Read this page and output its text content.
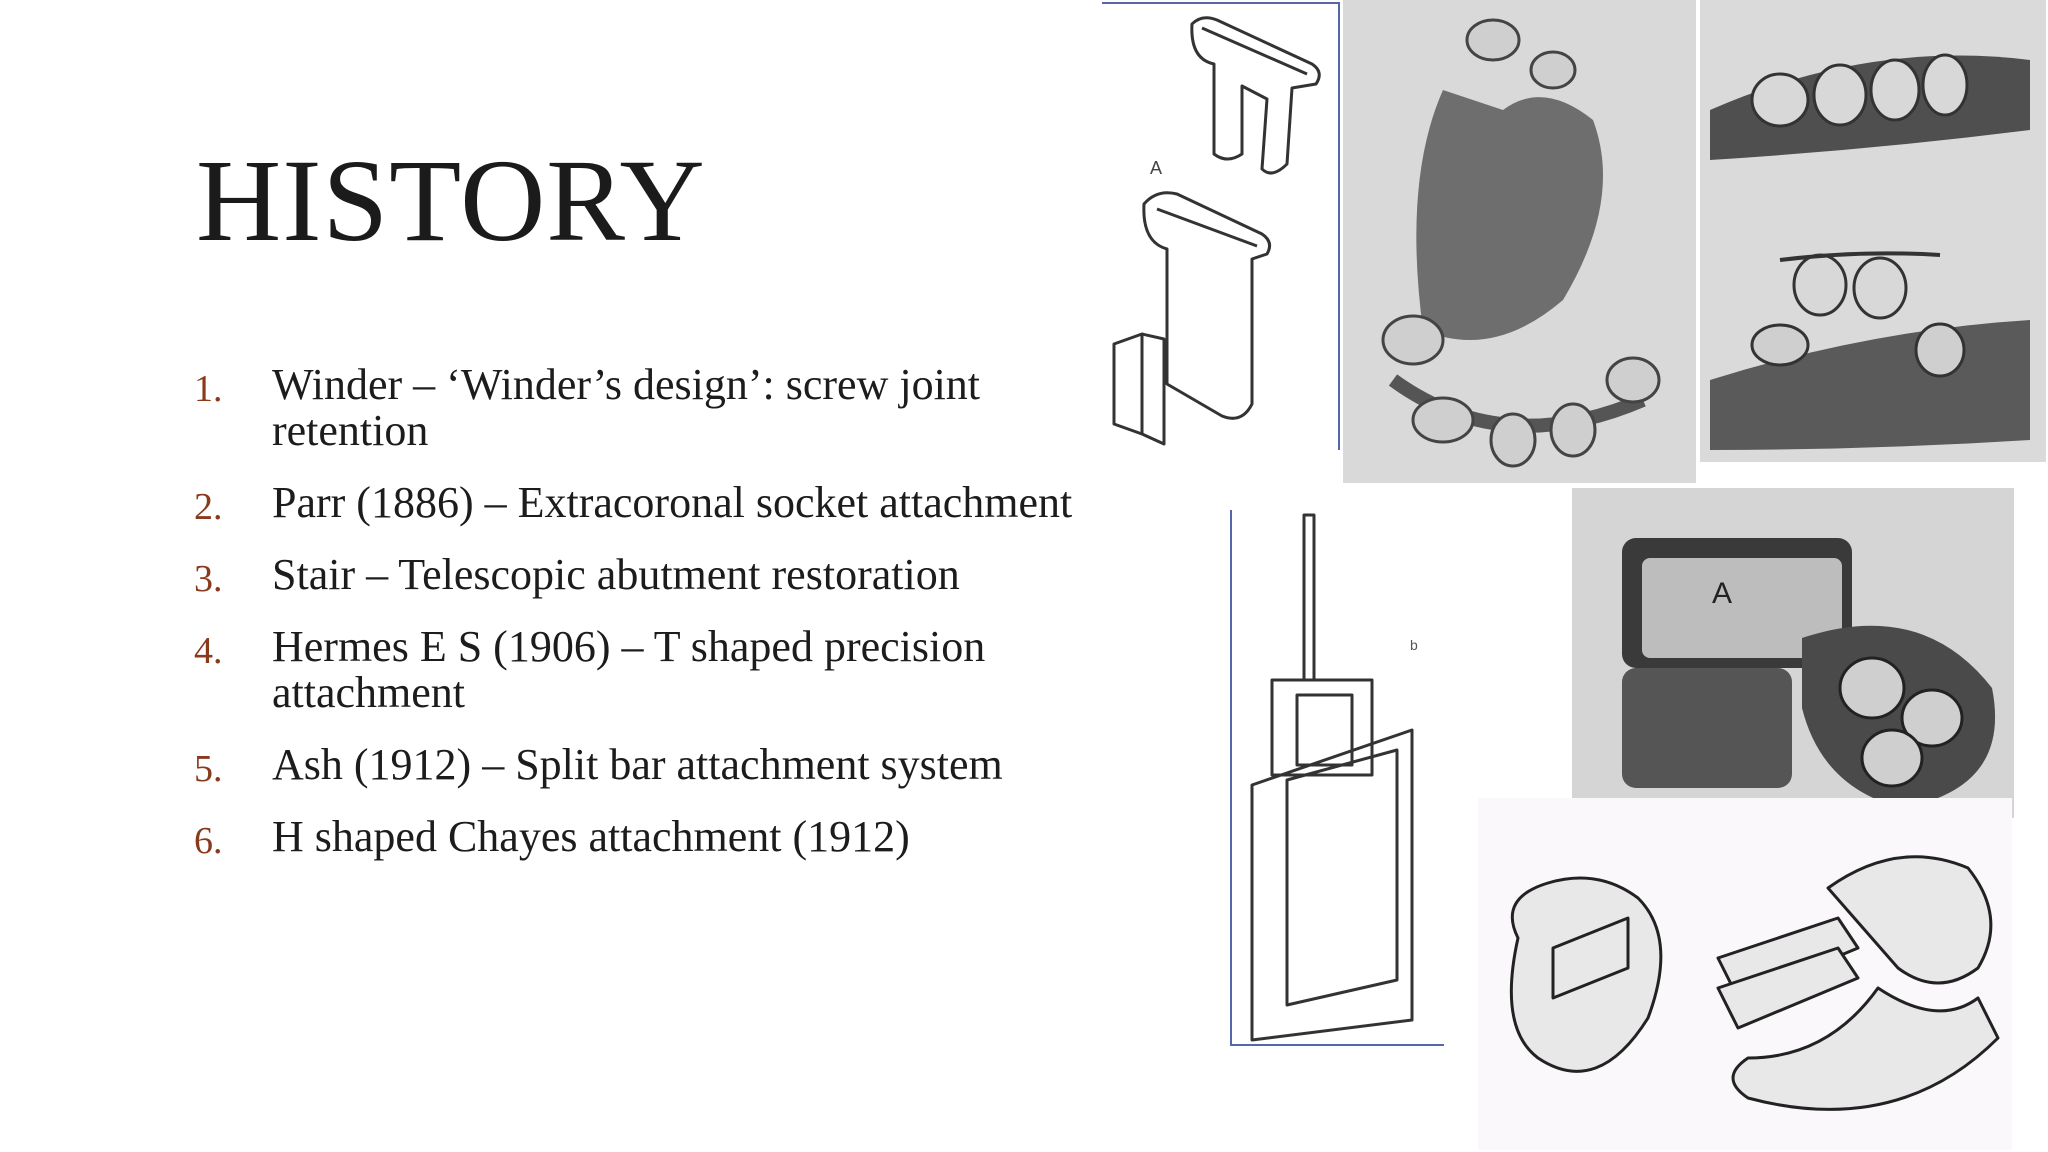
HISTORY
1. Winder – ‘Winder’s design’: screw joint retention
2. Parr (1886) – Extracoronal socket attachment
3. Stair – Telescopic abutment restoration
4. Hermes E S (1906) – T shaped precision attachment
5. Ash (1912) – Split bar attachment system
6. H shaped Chayes attachment (1912)
A
b
A
